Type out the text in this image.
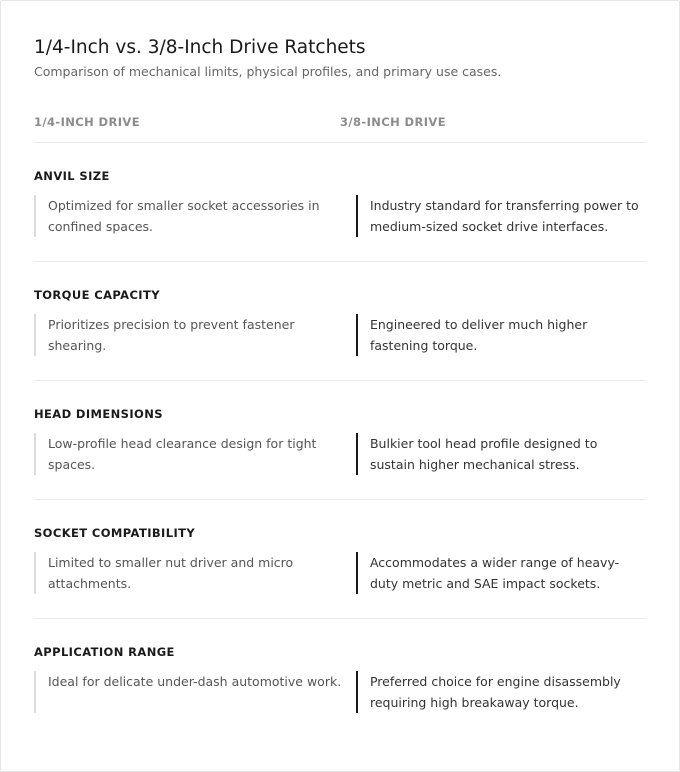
1/4-Inch vs. 3/8-Inch Drive Ratchets
Comparison of mechanical limits, physical profiles, and primary use cases.
1/4-INCH DRIVE	3/8-INCH DRIVE
ANVIL SIZE
Optimized for smaller socket accessories in confined spaces.
Industry standard for transferring power to medium-sized socket drive interfaces.
TORQUE CAPACITY
Prioritizes precision to prevent fastener shearing.
Engineered to deliver much higher fastening torque.
HEAD DIMENSIONS
Low-profile head clearance design for tight spaces.
Bulkier tool head profile designed to sustain higher mechanical stress.
SOCKET COMPATIBILITY
Limited to smaller nut driver and micro attachments.
Accommodates a wider range of heavy-duty metric and SAE impact sockets.
APPLICATION RANGE
Ideal for delicate under-dash automotive work.	Preferred choice for engine disassembly requiring high breakaway torque.
